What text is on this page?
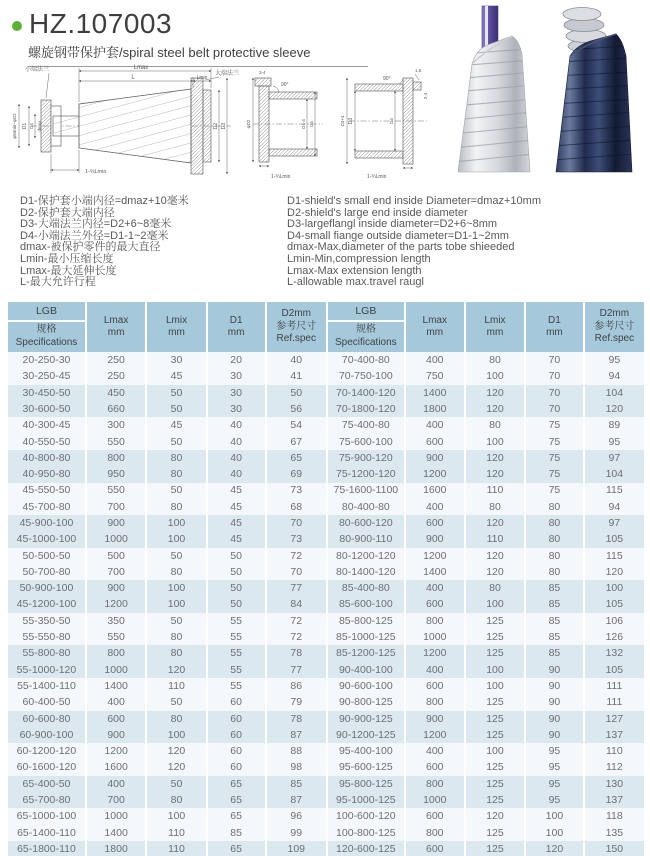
HZ.107003
螺旋钢带保护套/spiral steel belt protective sleeve
Lmax
L	Lmin
小端法兰
大端法兰
φMmin~φD2 D1 D4 dmax	D2 D3
1-⅔Lmin
3-4
90°
φD2	D4-4 D4
1-⅔Lmin
1.5
3-4
90°
D3+4 D3	D4
1-⅔Lmin

D1-保护套小端内径=dmaz+10毫米

D2-保护套大端内径

D3-大端法兰内径=D2+6~8毫米

D4-小端法兰外径=D1-1~2毫米

dmax-被保护零件的最大直径

Lmin-最小压缩长度

Lmax-最大延伸长度

L-最大允许行程

D1-shield's small end inside Diameter=dmaz+10mm

D2-shield's large end inside diameter

D3-largeflangl inside diameter=D2+6~8mm

D4-small fiange outside diameter=D1-1~2mm

dmax-Max,diameter of the parts tobe shieeded

Lmin-Min,compression length

Lmax-Max extension length

L-allowable max.travel raugl

LGB
规格
Specifications

Lmax
mm

Lmix
mm

D1
mm

D2mm
参考尺寸
Ref.spec

20-250-30	250	30	20	40
30-250-45	250	45	30	41
30-450-50	450	50	30	50
30-600-50	660	50	30	56
40-300-45	300	45	40	54
40-550-50	550	50	40	67
40-800-80	800	80	40	65
40-950-80	950	80	40	69
45-550-50	550	50	45	73
45-700-80	700	80	45	68
45-900-100	900	100	45	70
45-1000-100	1000	100	45	73
50-500-50	500	50	50	72
50-700-80	700	80	50	70
50-900-100	900	100	50	77
45-1200-100	1200	100	50	84
55-350-50	350	50	55	72
55-550-80	550	80	55	72
55-800-80	800	80	55	78
55-1000-120	1000	120	55	77
55-1400-110	1400	110	55	86
60-400-50	400	50	60	79
60-600-80	600	80	60	78
60-900-100	900	100	60	87
60-1200-120	1200	120	60	88
60-1600-120	1600	120	60	98
65-400-50	400	50	65	85
65-700-80	700	80	65	87
65-1000-100	1000	100	65	96
65-1400-110	1400	110	85	99
65-1800-110	1800	110	65	109
LGB
规格
Specifications

Lmax
mm

Lmix
mm

D1
mm

D2mm
参考尺寸
Ref.spec

70-400-80	400	80	70	95
70-750-100	750	100	70	94
70-1400-120	1400	120	70	104
70-1800-120	1800	120	70	120
75-400-80	400	80	75	89
75-600-100	600	100	75	95
75-900-120	900	120	75	97
75-1200-120	1200	120	75	104
75-1600-1100	1600	110	75	115
80-400-80	400	80	80	94
80-600-120	600	120	80	97
80-900-110	900	110	80	105
80-1200-120	1200	120	80	115
80-1400-120	1400	120	80	120
85-400-80	400	80	85	100
85-600-100	600	100	85	105
85-800-125	800	125	85	106
85-1000-125	1000	125	85	126
85-1200-125	1200	125	85	132
90-400-100	400	100	90	105
90-600-100	600	100	90	111
90-800-125	800	125	90	111
90-900-125	900	125	90	127
90-1200-125	1200	125	90	137
95-400-100	400	100	95	110
95-600-125	600	125	95	112
95-800-125	800	125	95	130
95-1000-125	1000	125	95	137
100-600-120	600	120	100	118
100-800-125	800	125	100	135
120-600-125	600	125	120	150
